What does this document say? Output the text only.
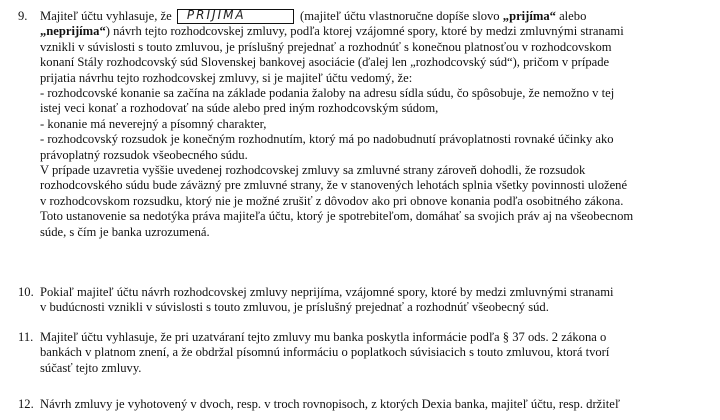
9. Majiteľ účtu vyhlasuje, že PRIJIMA	(majiteľ účtu vlastnoručne dopíše slovo „prijíma“ alebo
„neprijíma“) návrh tejto rozhodcovskej zmluvy, podľa ktorej vzájomné spory, ktoré by medzi zmluvnými stranami
vznikli v súvislosti s touto zmluvou, je príslušný prejednať a rozhodnúť s konečnou platnosťou v rozhodcovskom
konaní Stály rozhodcovský súd Slovenskej bankovej asociácie (ďalej len „rozhodcovský súd“), pričom v prípade
prijatia návrhu tejto rozhodcovskej zmluvy, si je majiteľ účtu vedomý, že:
- rozhodcovské konanie sa začína na základe podania žaloby na adresu sídla súdu, čo spôsobuje, že nemožno v tej
istej veci konať a rozhodovať na súde alebo pred iným rozhodcovským súdom,
- konanie má neverejný a písomný charakter,
- rozhodcovský rozsudok je konečným rozhodnutím, ktorý má po nadobudnutí právoplatnosti rovnaké účinky ako
právoplatný rozsudok všeobecného súdu.
V prípade uzavretia vyššie uvedenej rozhodcovskej zmluvy sa zmluvné strany zároveň dohodli, že rozsudok
rozhodcovského súdu bude záväzný pre zmluvné strany, že v stanovených lehotách splnia všetky povinnosti uložené
v rozhodcovskom rozsudku, ktorý nie je možné zrušiť z dôvodov ako pri obnove konania podľa osobitného zákona.
Toto ustanovenie sa nedotýka práva majiteľa účtu, ktorý je spotrebiteľom, domáhať sa svojich práv aj na všeobecnom
súde, s čím je banka uzrozumená.
10. Pokiaľ majiteľ účtu návrh rozhodcovskej zmluvy neprijíma, vzájomné spory, ktoré by medzi zmluvnými stranami
v budúcnosti vznikli v súvislosti s touto zmluvou, je príslušný prejednať a rozhodnúť všeobecný súd.
11. Majiteľ účtu vyhlasuje, že pri uzatváraní tejto zmluvy mu banka poskytla informácie podľa § 37 ods. 2 zákona o
bankách v platnom znení, a že obdržal písomnú informáciu o poplatkoch súvisiacich s touto zmluvou, ktorá tvorí
súčasť tejto zmluvy.
12. Návrh zmluvy je vyhotovený v dvoch, resp. v troch rovnopisoch, z ktorých Dexia banka, majiteľ účtu, resp. držiteľ
